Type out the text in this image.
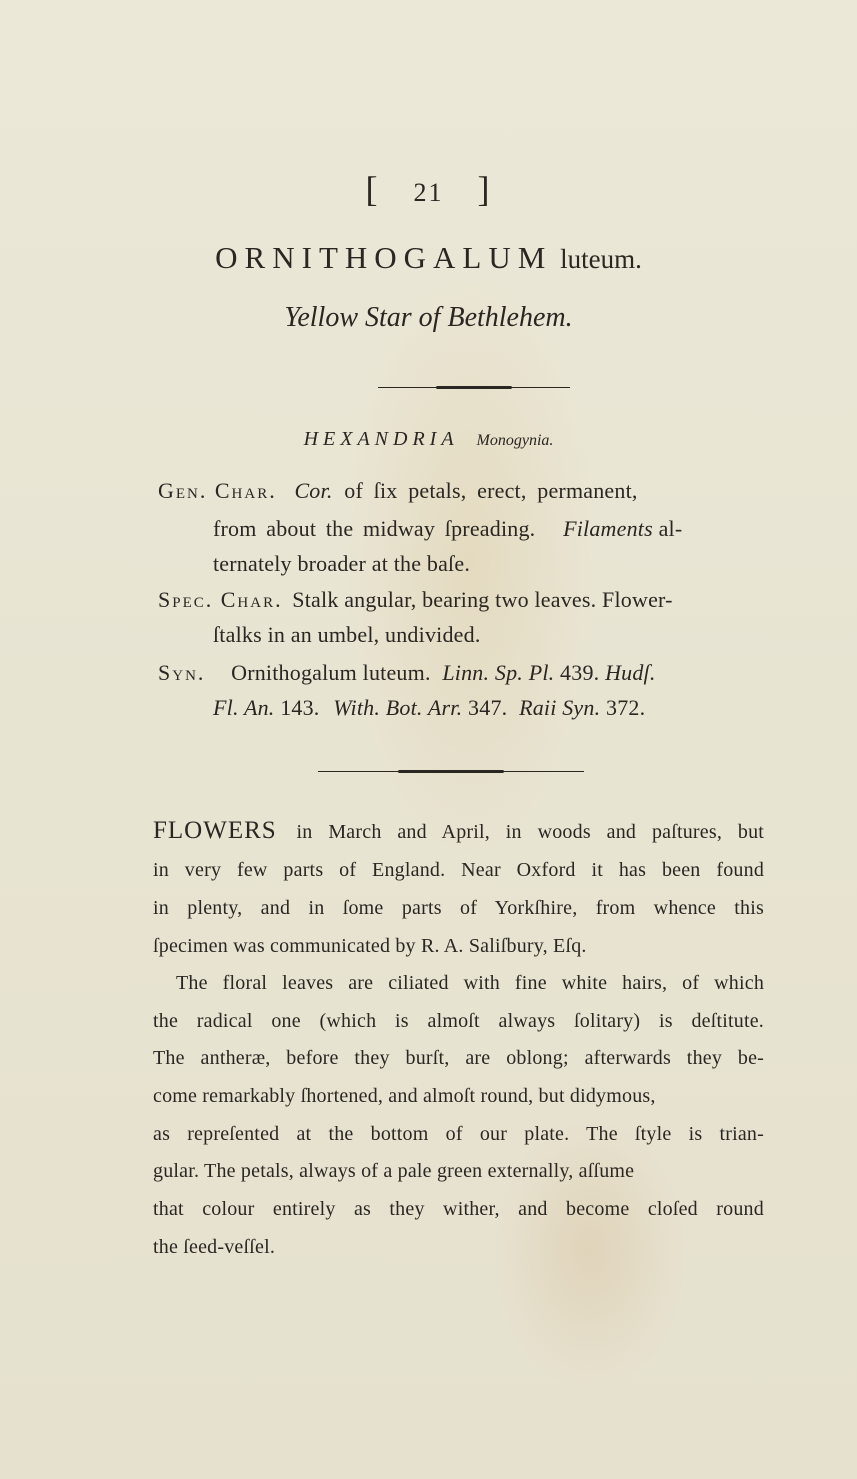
[ 21 ]
ORNITHOGALUM luteum.
Yellow Star of Bethlehem.
HEXANDRIA Monogynia.
Gen. Char. Cor. of ſix petals, erect, permanent,
from about the midway ſpreading. Filaments al-
ternately broader at the baſe.
Spec. Char. Stalk angular, bearing two leaves. Flower-
ſtalks in an umbel, undivided.
Syn. Ornithogalum luteum. Linn. Sp. Pl. 439. Hudſ.
Fl. An. 143. With. Bot. Arr. 347. Raii Syn. 372.
FLOWERS in March and April, in woods and paſtures, but
in very few parts of England. Near Oxford it has been found
in plenty, and in ſome parts of Yorkſhire, from whence this
ſpecimen was communicated by R. A. Saliſbury, Eſq.
The floral leaves are ciliated with fine white hairs, of which
the radical one (which is almoſt always ſolitary) is deſtitute.
The antheræ, before they burſt, are oblong; afterwards they be-
come remarkably ſhortened, and almoſt round, but didymous,
as repreſented at the bottom of our plate. The ſtyle is trian-
gular. The petals, always of a pale green externally, aſſume
that colour entirely as they wither, and become cloſed round
the ſeed-veſſel.
